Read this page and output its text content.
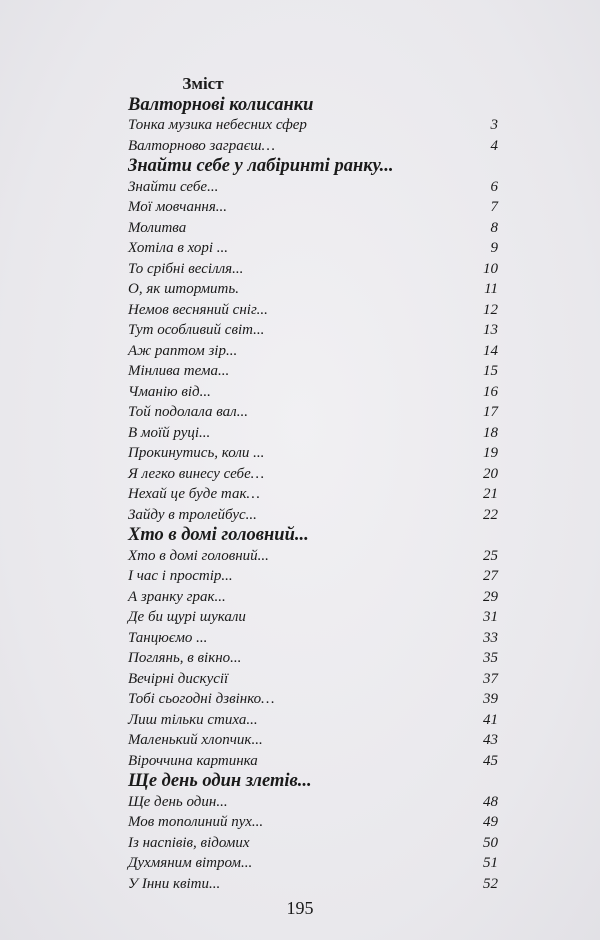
Зміст
Валторнові колисанки
Тонка музика небесних сфер	3
Валторново заграєш…	4
Знайти себе у лабіринті ранку...
Знайти себе...	6
Мої мовчання...	7
Молитва	8
Хотіла в хорі ...	9
То срібні весілля...	10
О, як штормить.	11
Немов весняний сніг...	12
Тут особливий світ...	13
Аж раптом зір...	14
Мінлива тема...	15
Чманію від...	16
Той подолала вал...	17
В моїй руці...	18
Прокинутись, коли ...	19
Я легко винесу себе…	20
Нехай це буде так…	21
Зайду в тролейбус...	22
Хто в домі головний...
Хто в домі головний...	25
І час і простір...	27
А зранку грак...	29
Де би щурі шукали	31
Танцюємо ...	33
Поглянь, в вікно...	35
Вечірні дискусії	37
Тобі сьогодні дзвінко…	39
Лиш тільки стиха...	41
Маленький хлопчик...	43
Віроччина картинка	45
Ще день один злетів...
Ще день один...	48
Мов тополиний пух...	49
Із наспівів, відомих	50
Духмяним вітром...	51
У Інни квіти...	52
195
